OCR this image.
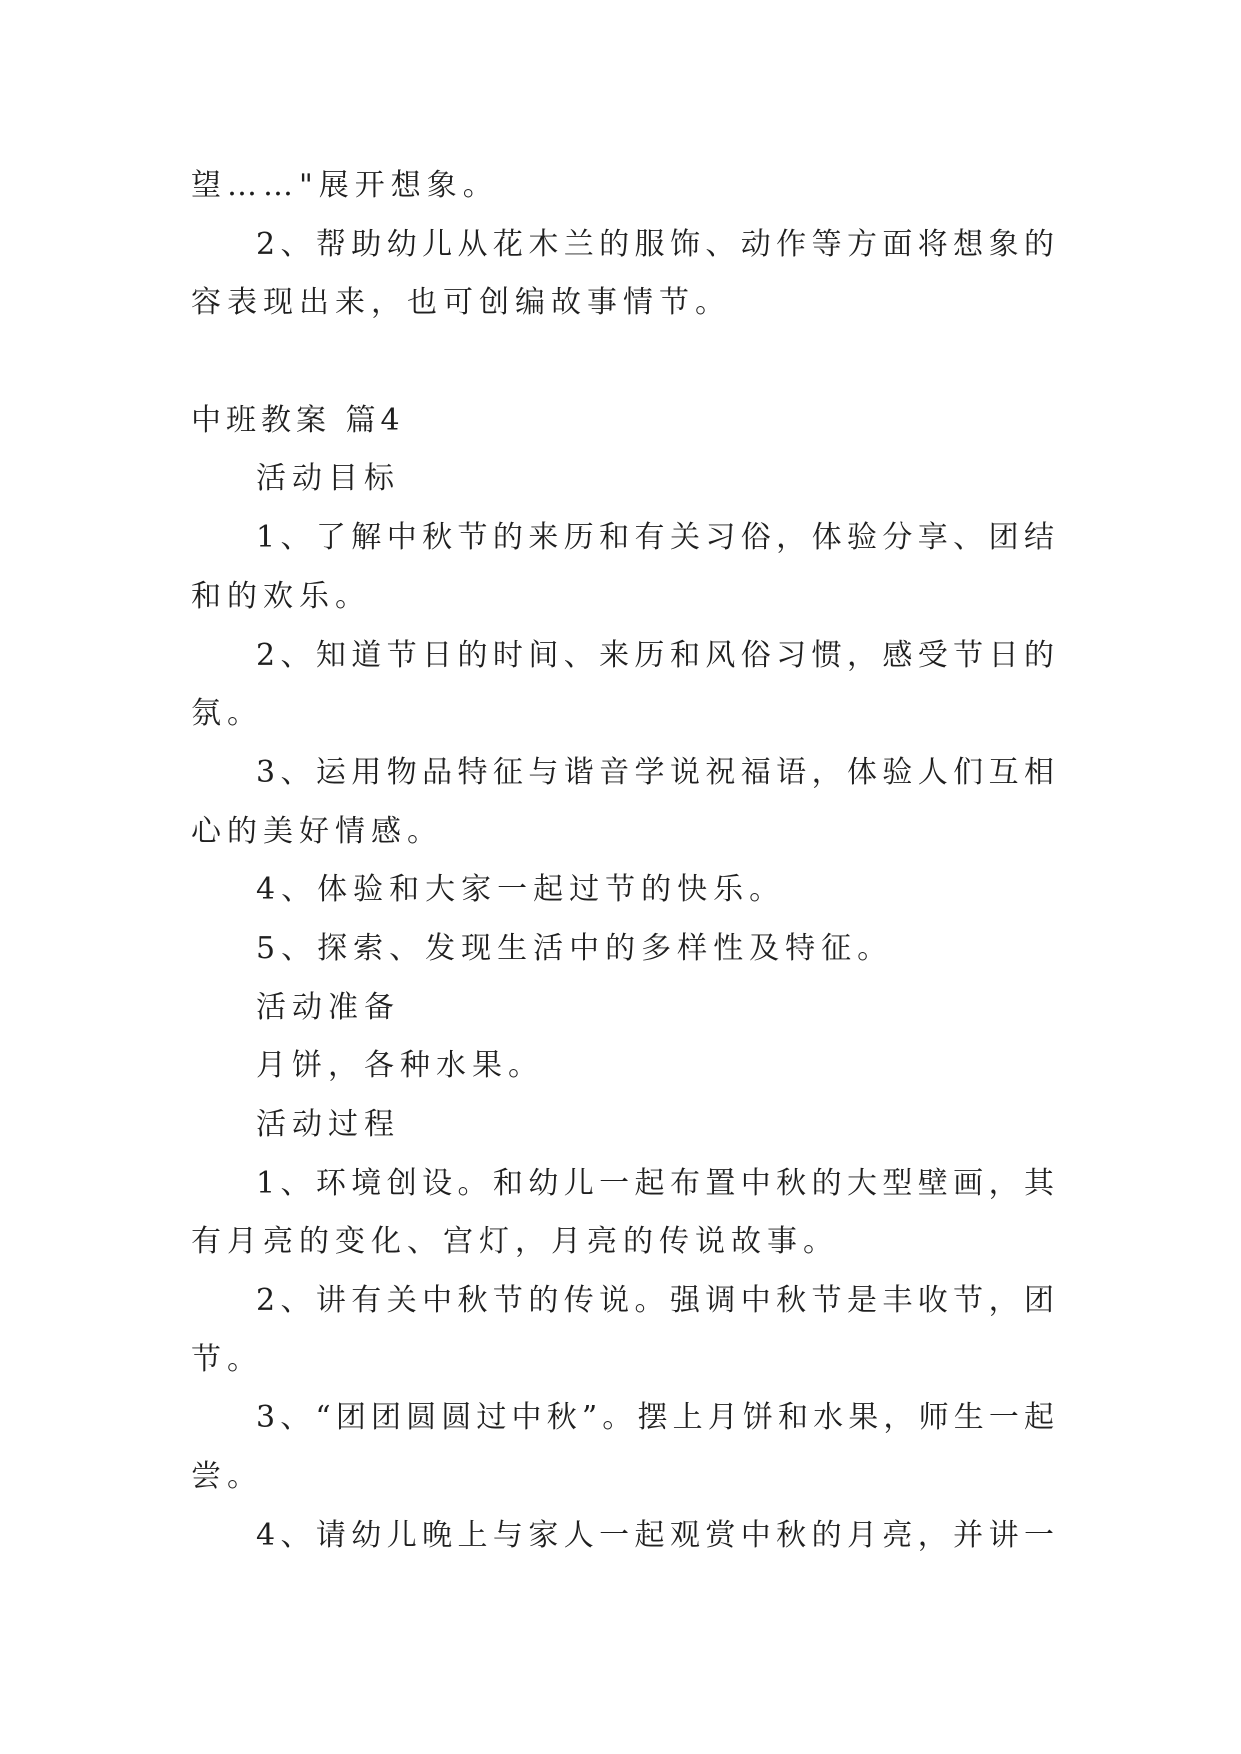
望……"展开想象。
2、帮助幼儿从花木兰的服饰、动作等方面将想象的
容表现出来，也可创编故事情节。
中班教案 篇4
活动目标
1、了解中秋节的来历和有关习俗，体验分享、团结
和的欢乐。
2、知道节日的时间、来历和风俗习惯，感受节日的
氛。
3、运用物品特征与谐音学说祝福语，体验人们互相
心的美好情感。
4、体验和大家一起过节的快乐。
5、探索、发现生活中的多样性及特征。
活动准备
月饼，各种水果。
活动过程
1、环境创设。和幼儿一起布置中秋的大型壁画，其
有月亮的变化、宫灯，月亮的传说故事。
2、讲有关中秋节的传说。强调中秋节是丰收节，团
节。
3、“团团圆圆过中秋”。摆上月饼和水果，师生一起
尝。
4、请幼儿晚上与家人一起观赏中秋的月亮，并讲一
